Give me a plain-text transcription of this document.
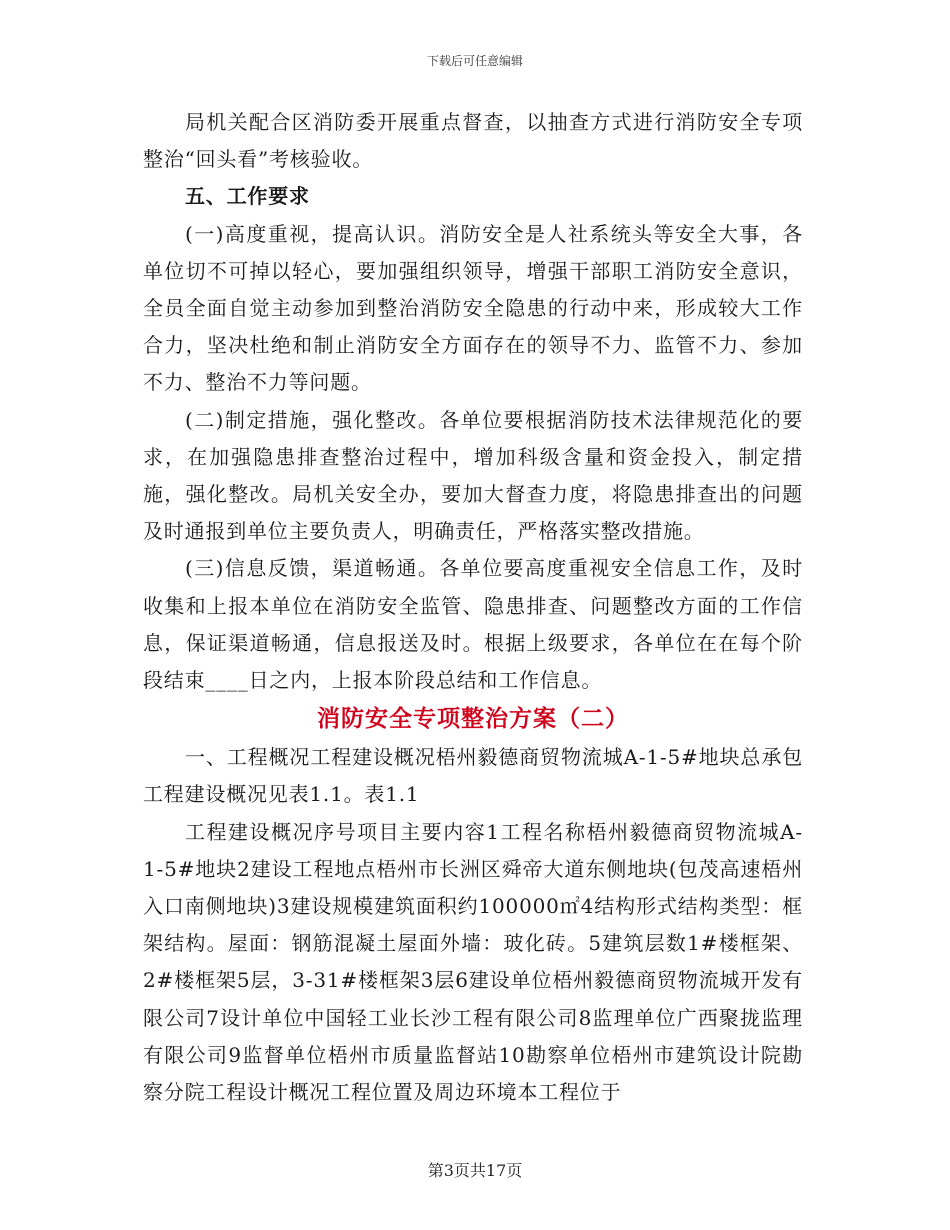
下载后可任意编辑

局机关配合区消防委开展重点督查，以抽查方式进行消防安全专项整治“回头看”考核验收。

五、工作要求

(一)高度重视，提高认识。消防安全是人社系统头等安全大事，各单位切不可掉以轻心，要加强组织领导，增强干部职工消防安全意识，全员全面自觉主动参加到整治消防安全隐患的行动中来，形成较大工作合力，坚决杜绝和制止消防安全方面存在的领导不力、监管不力、参加不力、整治不力等问题。

(二)制定措施，强化整改。各单位要根据消防技术法律规范化的要求，在加强隐患排查整治过程中，增加科级含量和资金投入，制定措施，强化整改。局机关安全办，要加大督查力度，将隐患排查出的问题及时通报到单位主要负责人，明确责任，严格落实整改措施。

(三)信息反馈，渠道畅通。各单位要高度重视安全信息工作，及时收集和上报本单位在消防安全监管、隐患排查、问题整改方面的工作信息，保证渠道畅通，信息报送及时。根据上级要求，各单位在在每个阶段结束____日之内，上报本阶段总结和工作信息。

消防安全专项整治方案（二）

一、工程概况工程建设概况梧州毅德商贸物流城A-1-5#地块总承包工程建设概况见表1.1。表1.1

工程建设概况序号项目主要内容1工程名称梧州毅德商贸物流城A-1-5#地块2建设工程地点梧州市长洲区舜帝大道东侧地块(包茂高速梧州入口南侧地块)3建设规模建筑面积约100000㎡4结构形式结构类型：框架结构。屋面：钢筋混凝土屋面外墙：玻化砖。5建筑层数1#楼框架、2#楼框架5层，3-31#楼框架3层6建设单位梧州毅德商贸物流城开发有限公司7设计单位中国轻工业长沙工程有限公司8监理单位广西聚拢监理有限公司9监督单位梧州市质量监督站10勘察单位梧州市建筑设计院勘察分院工程设计概况工程位置及周边环境本工程位于

第3页共17页
